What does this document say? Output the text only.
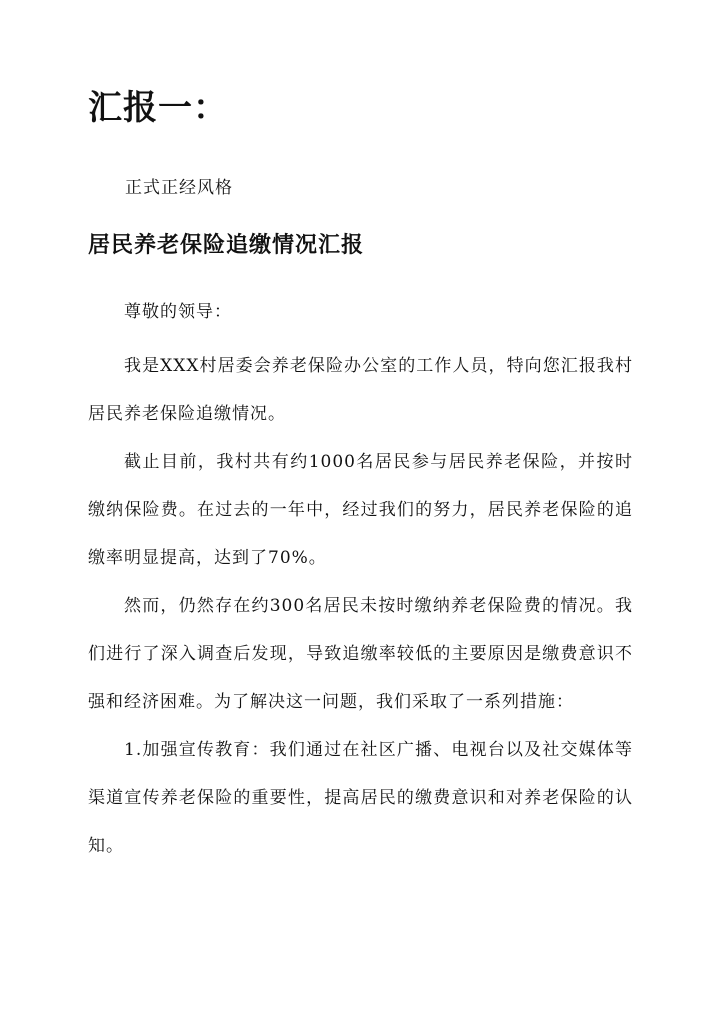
汇报一：

正式正经风格

居民养老保险追缴情况汇报

尊敬的领导：

我是XXX村居委会养老保险办公室的工作人员，特向您汇报我村居民养老保险追缴情况。

截止目前，我村共有约1000名居民参与居民养老保险，并按时缴纳保险费。在过去的一年中，经过我们的努力，居民养老保险的追缴率明显提高，达到了70%。

然而，仍然存在约300名居民未按时缴纳养老保险费的情况。我们进行了深入调查后发现，导致追缴率较低的主要原因是缴费意识不强和经济困难。为了解决这一问题，我们采取了一系列措施：

1.加强宣传教育：我们通过在社区广播、电视台以及社交媒体等渠道宣传养老保险的重要性，提高居民的缴费意识和对养老保险的认知。
